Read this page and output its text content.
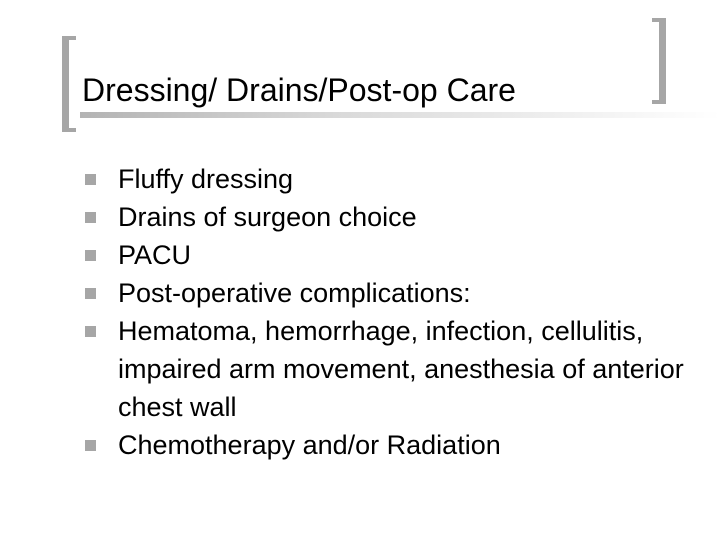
Dressing/ Drains/Post-op Care
Fluffy dressing
Drains of surgeon choice
PACU
Post-operative complications:
Hematoma, hemorrhage, infection, cellulitis, impaired arm movement, anesthesia of anterior chest wall
Chemotherapy and/or Radiation
